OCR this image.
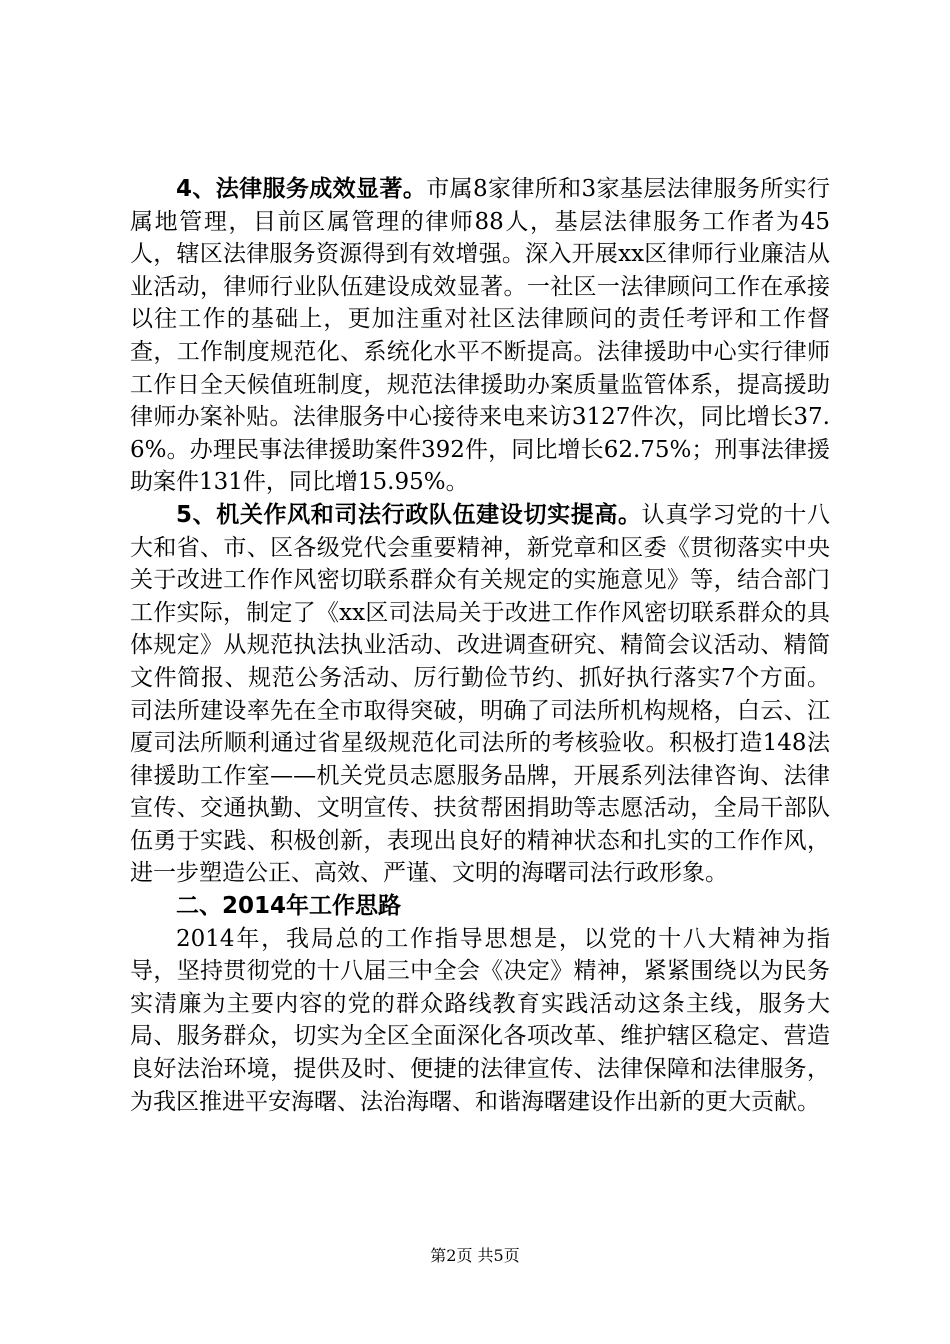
4、法律服务成效显著。市属8家律所和3家基层法律服务所实行属地管理，目前区属管理的律师88人，基层法律服务工作者为45人，辖区法律服务资源得到有效增强。深入开展xx区律师行业廉洁从业活动，律师行业队伍建设成效显著。一社区一法律顾问工作在承接以往工作的基础上，更加注重对社区法律顾问的责任考评和工作督查，工作制度规范化、系统化水平不断提高。法律援助中心实行律师工作日全天候值班制度，规范法律援助办案质量监管体系，提高援助律师办案补贴。法律服务中心接待来电来访3127件次，同比增长37.6%。办理民事法律援助案件392件，同比增长62.75%；刑事法律援助案件131件，同比增15.95%。

5、机关作风和司法行政队伍建设切实提高。认真学习党的十八大和省、市、区各级党代会重要精神，新党章和区委《贯彻落实中央关于改进工作作风密切联系群众有关规定的实施意见》等，结合部门工作实际，制定了《xx区司法局关于改进工作作风密切联系群众的具体规定》从规范执法执业活动、改进调查研究、精简会议活动、精简文件简报、规范公务活动、厉行勤俭节约、抓好执行落实7个方面。司法所建设率先在全市取得突破，明确了司法所机构规格，白云、江厦司法所顺利通过省星级规范化司法所的考核验收。积极打造148法律援助工作室——机关党员志愿服务品牌，开展系列法律咨询、法律宣传、交通执勤、文明宣传、扶贫帮困捐助等志愿活动，全局干部队伍勇于实践、积极创新，表现出良好的精神状态和扎实的工作作风，进一步塑造公正、高效、严谨、文明的海曙司法行政形象。

二、2014年工作思路

2014年，我局总的工作指导思想是，以党的十八大精神为指导，坚持贯彻党的十八届三中全会《决定》精神，紧紧围绕以为民务实清廉为主要内容的党的群众路线教育实践活动这条主线，服务大局、服务群众，切实为全区全面深化各项改革、维护辖区稳定、营造良好法治环境，提供及时、便捷的法律宣传、法律保障和法律服务，为我区推进平安海曙、法治海曙、和谐海曙建设作出新的更大贡献。

第2页 共5页
